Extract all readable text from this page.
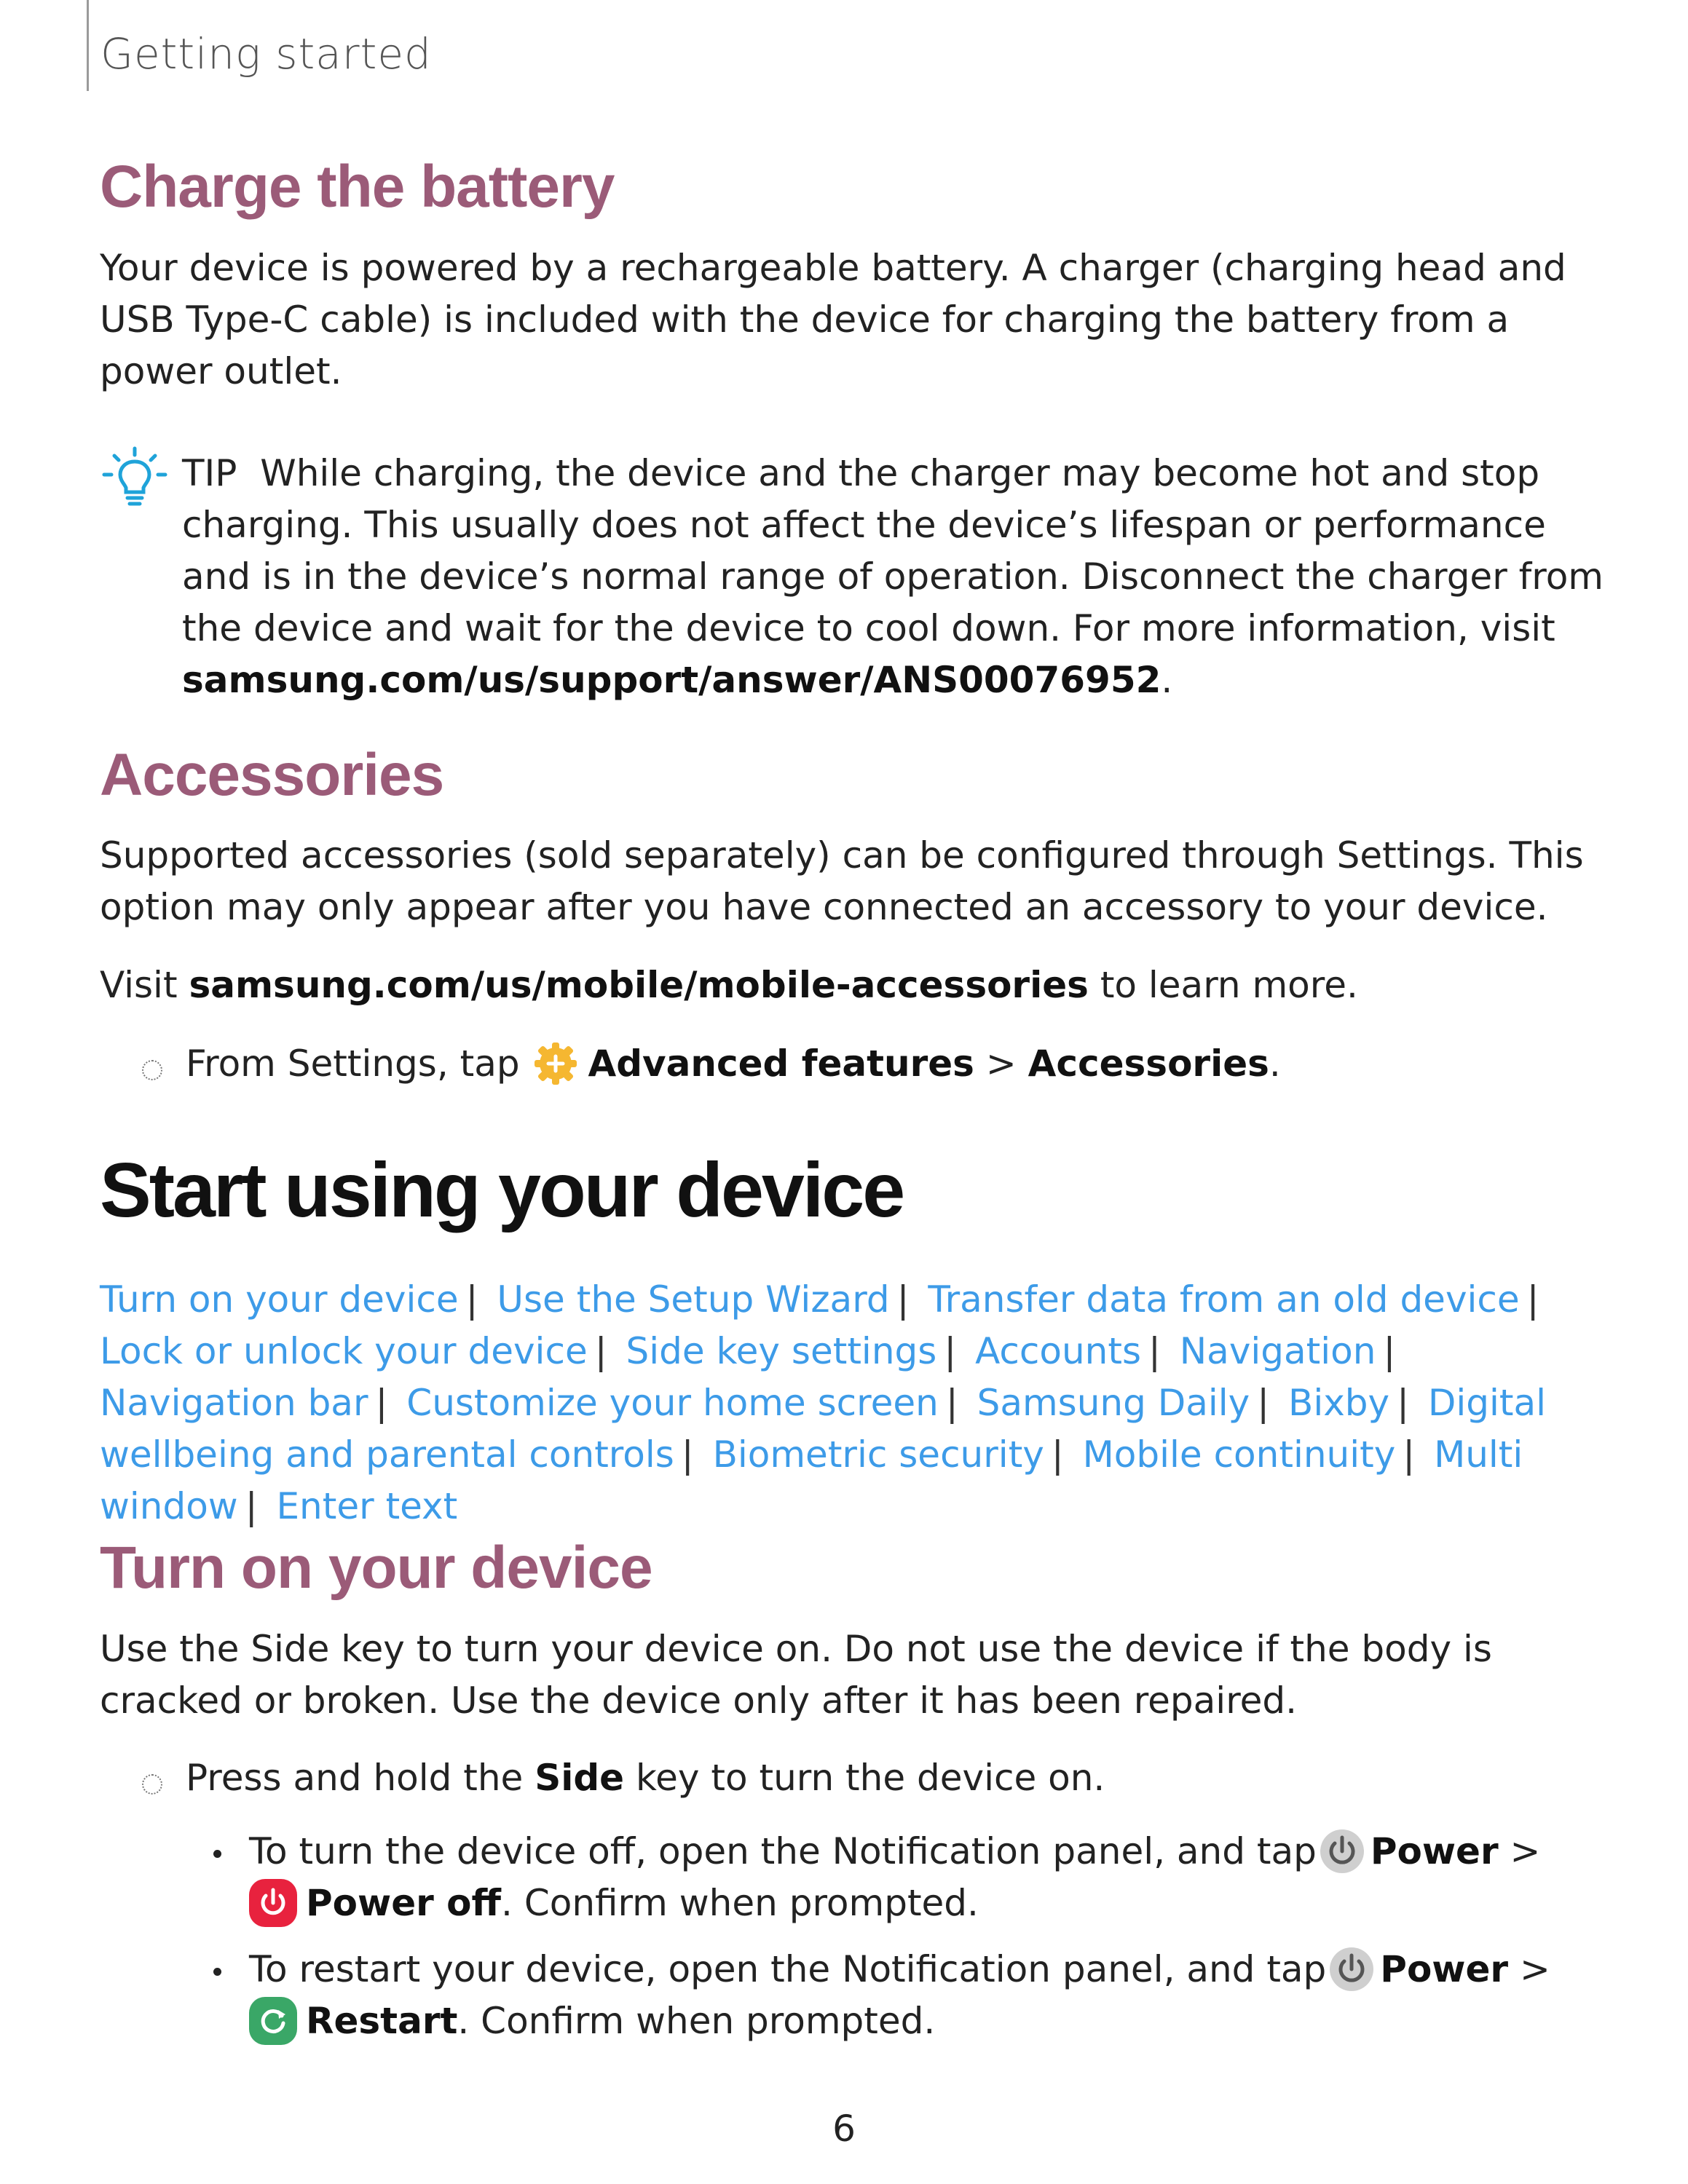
Getting started
Charge the battery

Your device is powered by a rechargeable battery. A charger (charging head and USB Type-C cable) is included with the device for charging the battery from a power outlet.

TIP While charging, the device and the charger may become hot and stop charging. This usually does not affect the device’s lifespan or performance and is in the device’s normal range of operation. Disconnect the charger from the device and wait for the device to cool down. For more information, visit samsung.com/us/support/answer/ANS00076952.

Accessories

Supported accessories (sold separately) can be configured through Settings. This option may only appear after you have connected an accessory to your device.

Visit samsung.com/us/mobile/mobile-accessories to learn more.

From Settings, tap Advanced features > Accessories.

Start using your device
Turn on your device | Use the Setup Wizard | Transfer data from an old device | Lock or unlock your device | Side key settings | Accounts | Navigation | Navigation bar | Customize your home screen | Samsung Daily | Bixby | Digital wellbeing and parental controls | Biometric security | Mobile continuity | Multi window | Enter text
Turn on your device

Use the Side key to turn your device on. Do not use the device if the body is cracked or broken. Use the device only after it has been repaired.

Press and hold the Side key to turn the device on.

To turn the device off, open the Notification panel, and tap Power >
Power off. Confirm when prompted.

To restart your device, open the Notification panel, and tap Power >
Restart. Confirm when prompted.

6
